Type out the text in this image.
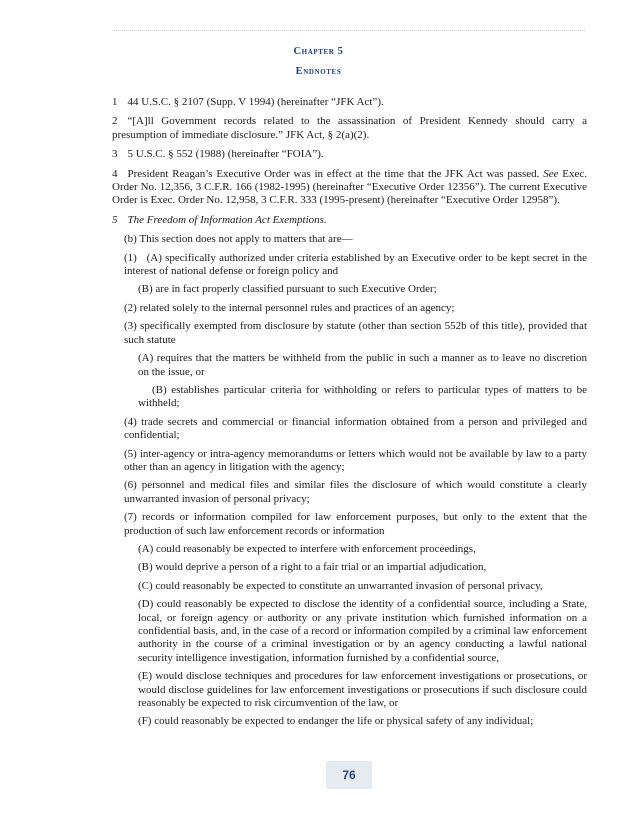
Chapter 5
Endnotes

1 44 U.S.C. § 2107 (Supp. V 1994) (hereinafter “JFK Act”).

2 “[A]ll Government records related to the assassination of President Kennedy should carry a presumption of immediate disclosure.” JFK Act, § 2(a)(2).

3 5 U.S.C. § 552 (1988) (hereinafter “FOIA”).

4 President Reagan’s Executive Order was in effect at the time that the JFK Act was passed. See Exec. Order No. 12,356, 3 C.F.R. 166 (1982-1995) (hereinafter “Executive Order 12356”). The current Executive Order is Exec. Order No. 12,958, 3 C.F.R. 333 (1995-present) (hereinafter “Executive Order 12958”).

5 The Freedom of Information Act Exemptions.

(b) This section does not apply to matters that are—

(1)   (A) specifically authorized under criteria established by an Executive order to be kept secret in the interest of national defense or foreign policy and

(B) are in fact properly classified pursuant to such Executive Order;

(2) related solely to the internal personnel rules and practices of an agency;

(3) specifically exempted from disclosure by statute (other than section 552b of this title), provided that such statute

(A) requires that the matters be withheld from the public in such a manner as to leave no discretion on the issue, or

(B) establishes particular criteria for withholding or refers to particular types of matters to be withheld;

(4) trade secrets and commercial or financial information obtained from a person and privileged and confidential;

(5) inter-agency or intra-agency memorandums or letters which would not be available by law to a party other than an agency in litigation with the agency;

(6) personnel and medical files and similar files the disclosure of which would constitute a clearly unwarranted invasion of personal privacy;

(7) records or information compiled for law enforcement purposes, but only to the extent that the production of such law enforcement records or information

(A) could reasonably be expected to interfere with enforcement proceedings,

(B) would deprive a person of a right to a fair trial or an impartial adjudication,

(C) could reasonably be expected to constitute an unwarranted invasion of personal privacy,

(D) could reasonably be expected to disclose the identity of a confidential source, including a State, local, or foreign agency or authority or any private institution which furnished information on a confidential basis, and, in the case of a record or information compiled by a criminal law enforcement authority in the course of a criminal investigation or by an agency conducting a lawful national security intelligence investigation, information furnished by a confidential source,

(E) would disclose techniques and procedures for law enforcement investigations or prosecutions, or would disclose guidelines for law enforcement investigations or prosecutions if such disclosure could reasonably be expected to risk circumvention of the law, or

(F) could reasonably be expected to endanger the life or physical safety of any individual;

76
